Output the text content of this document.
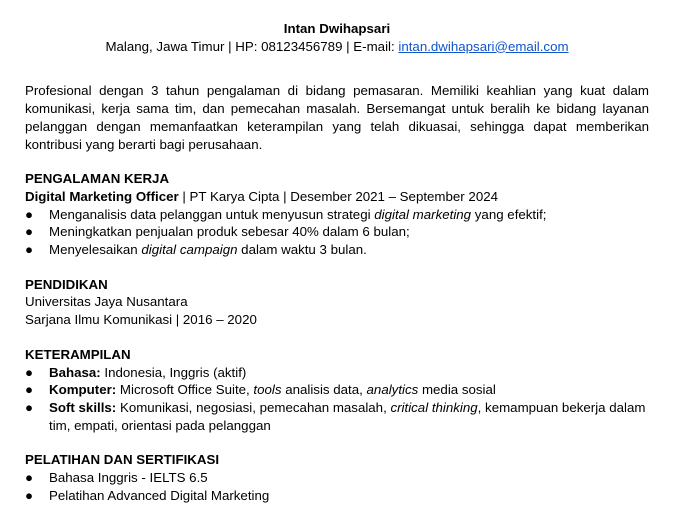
Intan Dwihapsari
Malang, Jawa Timur | HP: 08123456789 | E-mail: intan.dwihapsari@email.com
Profesional dengan 3 tahun pengalaman di bidang pemasaran. Memiliki keahlian yang kuat dalam komunikasi, kerja sama tim, dan pemecahan masalah. Bersemangat untuk beralih ke bidang layanan pelanggan dengan memanfaatkan keterampilan yang telah dikuasai, sehingga dapat memberikan kontribusi yang berarti bagi perusahaan.
PENGALAMAN KERJA
Digital Marketing Officer | PT Karya Cipta | Desember 2021 – September 2024
● Menganalisis data pelanggan untuk menyusun strategi digital marketing yang efektif;
● Meningkatkan penjualan produk sebesar 40% dalam 6 bulan;
● Menyelesaikan digital campaign dalam waktu 3 bulan.
PENDIDIKAN
Universitas Jaya Nusantara
Sarjana Ilmu Komunikasi | 2016 – 2020
KETERAMPILAN
● Bahasa: Indonesia, Inggris (aktif)
● Komputer: Microsoft Office Suite, tools analisis data, analytics media sosial
● Soft skills: Komunikasi, negosiasi, pemecahan masalah, critical thinking, kemampuan bekerja dalam tim, empati, orientasi pada pelanggan
PELATIHAN DAN SERTIFIKASI
● Bahasa Inggris - IELTS 6.5
● Pelatihan Advanced Digital Marketing
